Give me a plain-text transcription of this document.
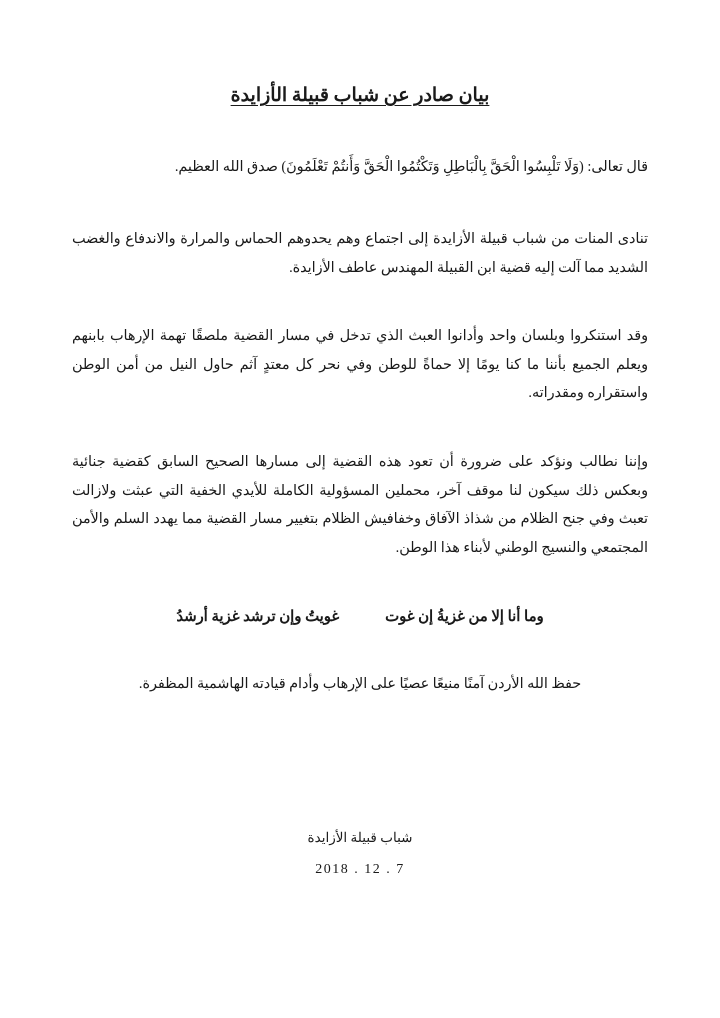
بيان صادر عن شباب قبيلة الأزايدة

قال تعالى: (وَلَا تَلْبِسُوا الْحَقَّ بِالْبَاطِلِ وَتَكْتُمُوا الْحَقَّ وَأَنتُمْ تَعْلَمُونَ) صدق الله العظيم.

تنادى المنات من شباب قبيلة الأزايدة إلى اجتماع وهم يحدوهم الحماس والمرارة والاندفاع والغضب الشديد مما آلت إليه قضية ابن القبيلة المهندس عاطف الأزايدة.

وقد استنكروا وبلسان واحد وأدانوا العبث الذي تدخل في مسار القضية ملصقًا تهمة الإرهاب بابنهم ويعلم الجميع بأننا ما كنا يومًا إلا حماةً للوطن وفي نحر كل معتدٍ آثم حاول النيل من أمن الوطن واستقراره ومقدراته.

وإننا نطالب ونؤكد على ضرورة أن تعود هذه القضية إلى مسارها الصحيح السابق كقضية جنائية وبعكس ذلك سيكون لنا موقف آخر، محملين المسؤولية الكاملة للأيدي الخفية التي عبثت ولازالت تعبث وفي جنح الظلام من شذاذ الآفاق وخفافيش الظلام بتغيير مسار القضية مما يهدد السلم والأمن المجتمعي والنسيج الوطني لأبناء هذا الوطن.

وما أنا إلا من غزيةُ إن غوت
غويتُ وإن ترشد غزية أرشدُ

حفظ الله الأردن آمنًا منيعًا عصيًا على الإرهاب وأدام قيادته الهاشمية المظفرة.

شباب قبيلة الأزايدة
2018 . 12 . 7
